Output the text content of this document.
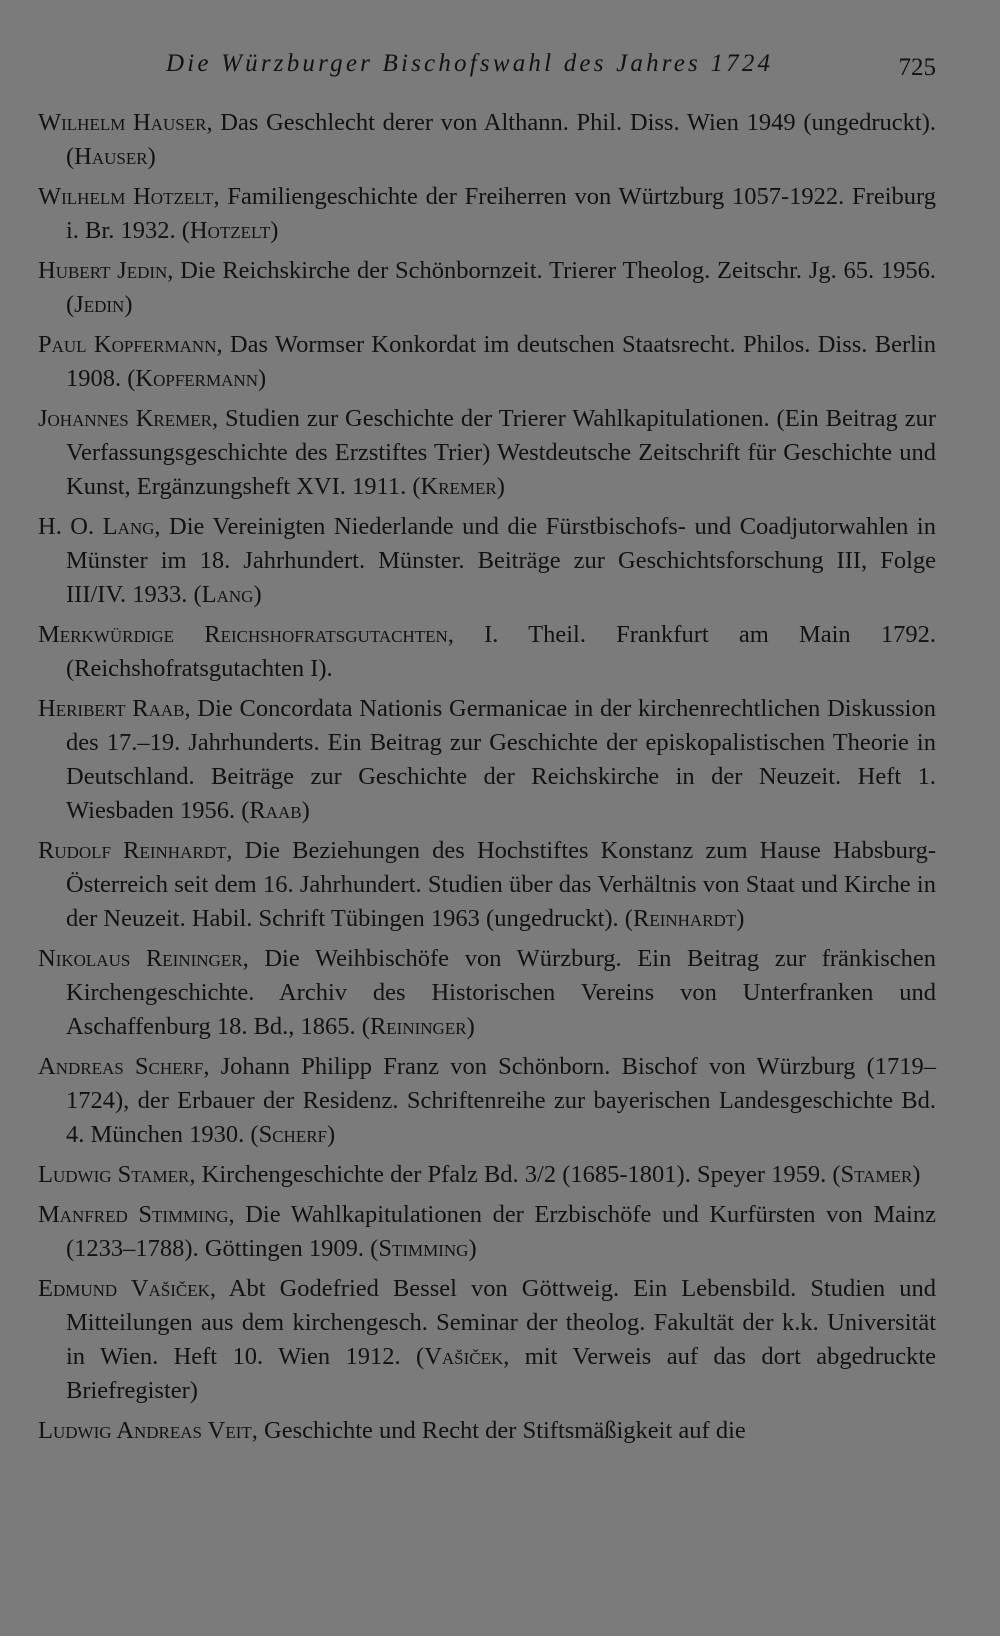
Die Würzburger Bischofswahl des Jahres 1724	725
Wilhelm Hauser, Das Geschlecht derer von Althann. Phil. Diss. Wien 1949 (ungedruckt). (Hauser)
Wilhelm Hotzelt, Familiengeschichte der Freiherren von Würtzburg 1057-1922. Freiburg i. Br. 1932. (Hotzelt)
Hubert Jedin, Die Reichskirche der Schönbornzeit. Trierer Theolog. Zeitschr. Jg. 65. 1956. (Jedin)
Paul Kopfermann, Das Wormser Konkordat im deutschen Staatsrecht. Philos. Diss. Berlin 1908. (Kopfermann)
Johannes Kremer, Studien zur Geschichte der Trierer Wahlkapitulationen. (Ein Beitrag zur Verfassungsgeschichte des Erzstiftes Trier) Westdeutsche Zeitschrift für Geschichte und Kunst, Ergänzungsheft XVI. 1911. (Kremer)
H. O. Lang, Die Vereinigten Niederlande und die Fürstbischofs- und Coadjutorwahlen in Münster im 18. Jahrhundert. Münster. Beiträge zur Geschichtsforschung III, Folge III/IV. 1933. (Lang)
Merkwürdige Reichshofratsgutachten, I. Theil. Frankfurt am Main 1792. (Reichshofratsgutachten I).
Heribert Raab, Die Concordata Nationis Germanicae in der kirchenrechtlichen Diskussion des 17.–19. Jahrhunderts. Ein Beitrag zur Geschichte der episkopalistischen Theorie in Deutschland. Beiträge zur Geschichte der Reichskirche in der Neuzeit. Heft 1. Wiesbaden 1956. (Raab)
Rudolf Reinhardt, Die Beziehungen des Hochstiftes Konstanz zum Hause Habsburg-Österreich seit dem 16. Jahrhundert. Studien über das Verhältnis von Staat und Kirche in der Neuzeit. Habil. Schrift Tübingen 1963 (ungedruckt). (Reinhardt)
Nikolaus Reininger, Die Weihbischöfe von Würzburg. Ein Beitrag zur fränkischen Kirchengeschichte. Archiv des Historischen Vereins von Unterfranken und Aschaffenburg 18. Bd., 1865. (Reininger)
Andreas Scherf, Johann Philipp Franz von Schönborn. Bischof von Würzburg (1719–1724), der Erbauer der Residenz. Schriftenreihe zur bayerischen Landesgeschichte Bd. 4. München 1930. (Scherf)
Ludwig Stamer, Kirchengeschichte der Pfalz Bd. 3/2 (1685-1801). Speyer 1959. (Stamer)
Manfred Stimming, Die Wahlkapitulationen der Erzbischöfe und Kurfürsten von Mainz (1233–1788). Göttingen 1909. (Stimming)
Edmund Vašiček, Abt Godefried Bessel von Göttweig. Ein Lebensbild. Studien und Mitteilungen aus dem kirchengesch. Seminar der theolog. Fakultät der k.k. Universität in Wien. Heft 10. Wien 1912. (Vašiček, mit Verweis auf das dort abgedruckte Briefregister)
Ludwig Andreas Veit, Geschichte und Recht der Stiftsmäßigkeit auf die
